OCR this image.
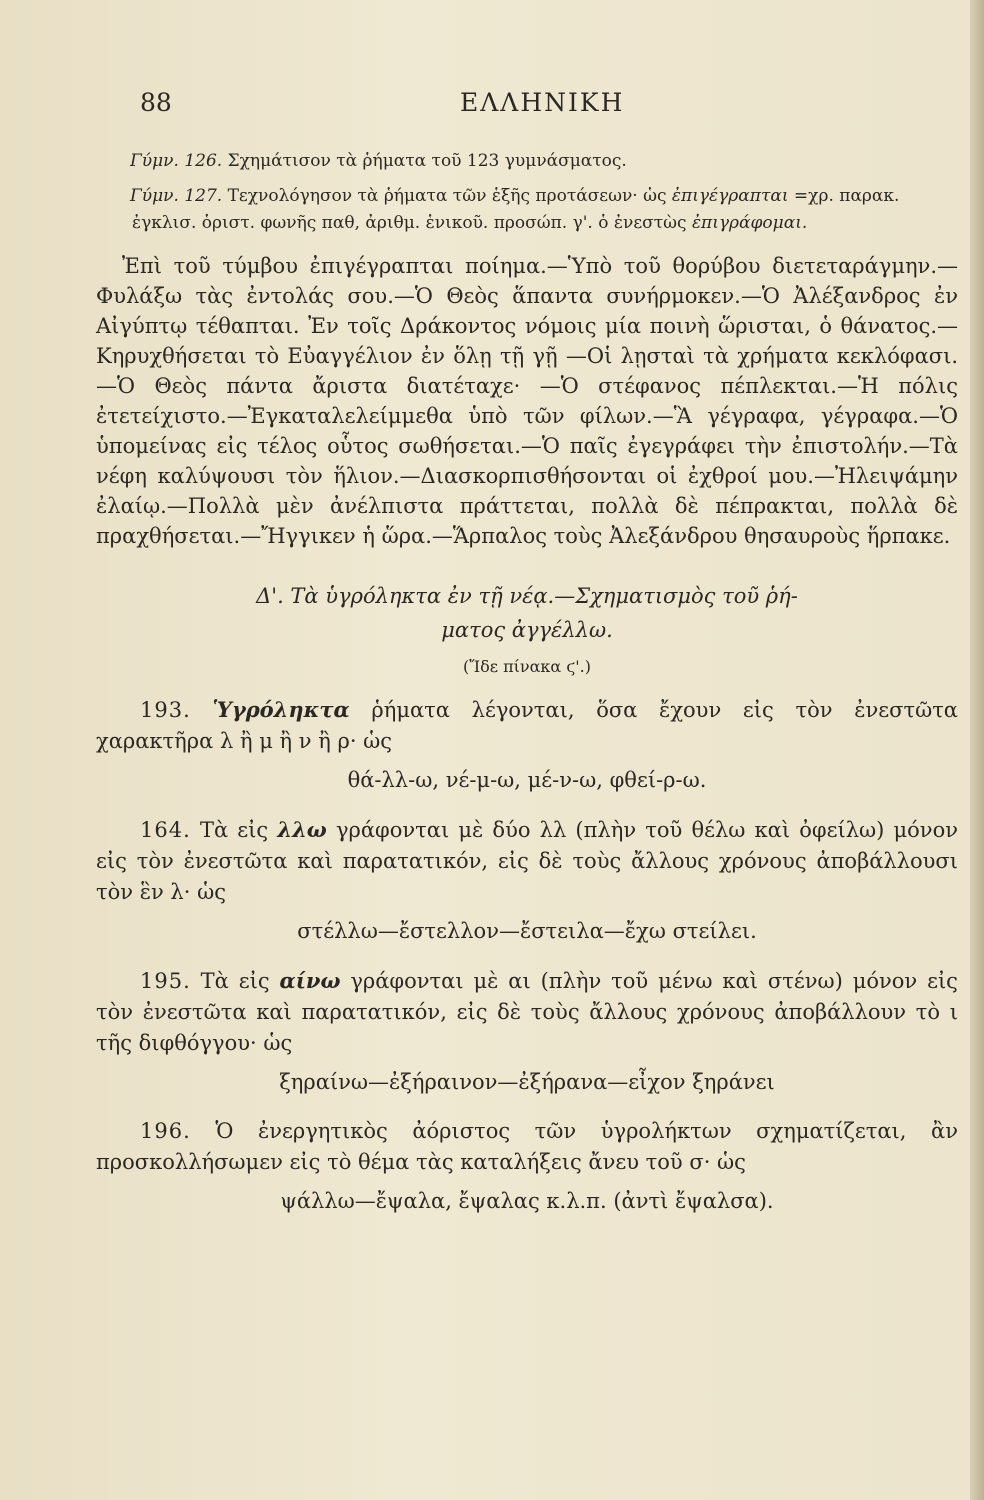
88	ΕΛΛΗΝΙΚΗ

Γύμν. 126. Σχημάτισον τὰ ῥήματα τοῦ 123 γυμνάσματος.

Γύμν. 127. Τεχνολόγησον τὰ ῥήματα τῶν ἑξῆς προτάσεων· ὡς ἐπιγέγραπται =χρ. παρακ. ἐγκλισ. ὁριστ. φωνῆς παθ, ἀριθμ. ἑνικοῦ. προσώπ. γ'. ὁ ἐνεστὼς ἐπιγράφομαι.

Ἐπὶ τοῦ τύμβου ἐπιγέγραπται ποίημα.—Ὑπὸ τοῦ θορύβου διετεταράγμην.—Φυλάξω τὰς ἐντολάς σου.—Ὁ Θεὸς ἅπαντα συνήρμοκεν.—Ὁ Ἀλέξανδρος ἐν Αἰγύπτῳ τέθαπται. Ἐν τοῖς Δράκοντος νόμοις μία ποινὴ ὥρισται, ὁ θάνατος.—Κηρυχθήσεται τὸ Εὐαγγέλιον ἐν ὅλῃ τῇ γῇ —Οἱ λῃσταὶ τὰ χρήματα κεκλόφασι.—Ὁ Θεὸς πάντα ἄριστα διατέταχε· —Ὁ στέφανος πέπλεκται.—Ἡ πόλις ἐτετείχιστο.—Ἐγκαταλελείμμεθα ὑπὸ τῶν φίλων.—Ἃ γέγραφα, γέγραφα.—Ὁ ὑπομείνας εἰς τέλος οὗτος σωθήσεται.—Ὁ παῖς ἐγεγράφει τὴν ἐπιστολήν.—Τὰ νέφη καλύψουσι τὸν ἥλιον.—Διασκορπισθήσονται οἱ ἐχθροί μου.—Ἠλειψάμην ἐλαίῳ.—Πολλὰ μὲν ἀνέλπιστα πράττεται, πολλὰ δὲ πέπρακται, πολλὰ δὲ πραχθήσεται.—Ἤγγικεν ἡ ὥρα.—Ἅρπαλος τοὺς Ἀλεξάνδρου θησαυροὺς ἥρπακε.

Δ'. Τὰ ὑγρόληκτα ἐν τῇ νέᾳ.—Σχηματισμὸς τοῦ ῥή-
ματος ἀγγέλλω.
(Ἴδε πίνακα ϛ'.)

193. Ὑγρόληκτα ῥήματα λέγονται, ὅσα ἔχουν εἰς τὸν ἐνεστῶτα χαρακτῆρα λ ἢ μ ἢ ν ἢ ρ· ὡς

θά-λλ-ω, νέ-μ-ω, μέ-ν-ω, φθεί-ρ-ω.

164. Τὰ εἰς λλω γράφονται μὲ δύο λλ (πλὴν τοῦ θέλω καὶ ὀφείλω) μόνον εἰς τὸν ἐνεστῶτα καὶ παρατατικόν, εἰς δὲ τοὺς ἄλλους χρόνους ἀποβάλλουσι τὸν ἓν λ· ὡς

στέλλω—ἔστελλον—ἔστειλα—ἔχω στείλει.

195. Τὰ εἰς αίνω γράφονται μὲ αι (πλὴν τοῦ μένω καὶ στένω) μόνον εἰς τὸν ἐνεστῶτα καὶ παρατατικόν, εἰς δὲ τοὺς ἄλλους χρόνους ἀποβάλλουν τὸ ι τῆς διφθόγγου· ὡς

ξηραίνω—ἐξήραινον—ἐξήρανα—εἶχον ξηράνει

196. Ὁ ἐνεργητικὸς ἀόριστος τῶν ὑγρολήκτων σχηματίζεται, ἂν προσκολλήσωμεν εἰς τὸ θέμα τὰς καταλήξεις ἄνευ τοῦ σ· ὡς

ψάλλω—ἔψαλα, ἔψαλας κ.λ.π. (ἀντὶ ἔψαλσα).
